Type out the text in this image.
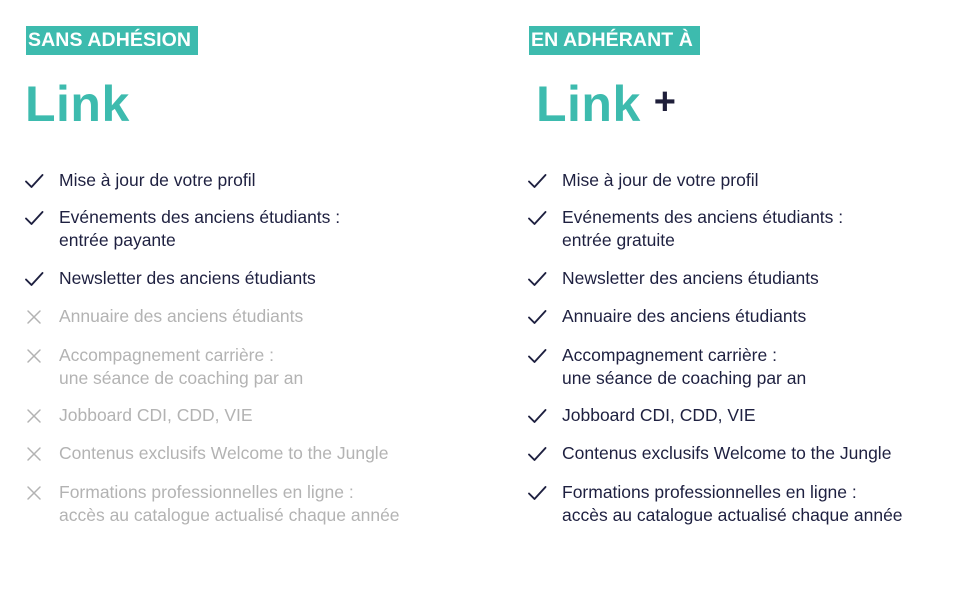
SANS ADHÉSION
Link
Mise à jour de votre profil
Evénements des anciens étudiants :
entrée payante
Newsletter des anciens étudiants
Annuaire des anciens étudiants
Accompagnement carrière :
une séance de coaching par an
Jobboard CDI, CDD, VIE
Contenus exclusifs Welcome to the Jungle
Formations professionnelles en ligne :
accès au catalogue actualisé chaque année
EN ADHÉRANT À
Link +
Mise à jour de votre profil
Evénements des anciens étudiants :
entrée gratuite
Newsletter des anciens étudiants
Annuaire des anciens étudiants
Accompagnement carrière :
une séance de coaching par an
Jobboard CDI, CDD, VIE
Contenus exclusifs Welcome to the Jungle
Formations professionnelles en ligne :
accès au catalogue actualisé chaque année
